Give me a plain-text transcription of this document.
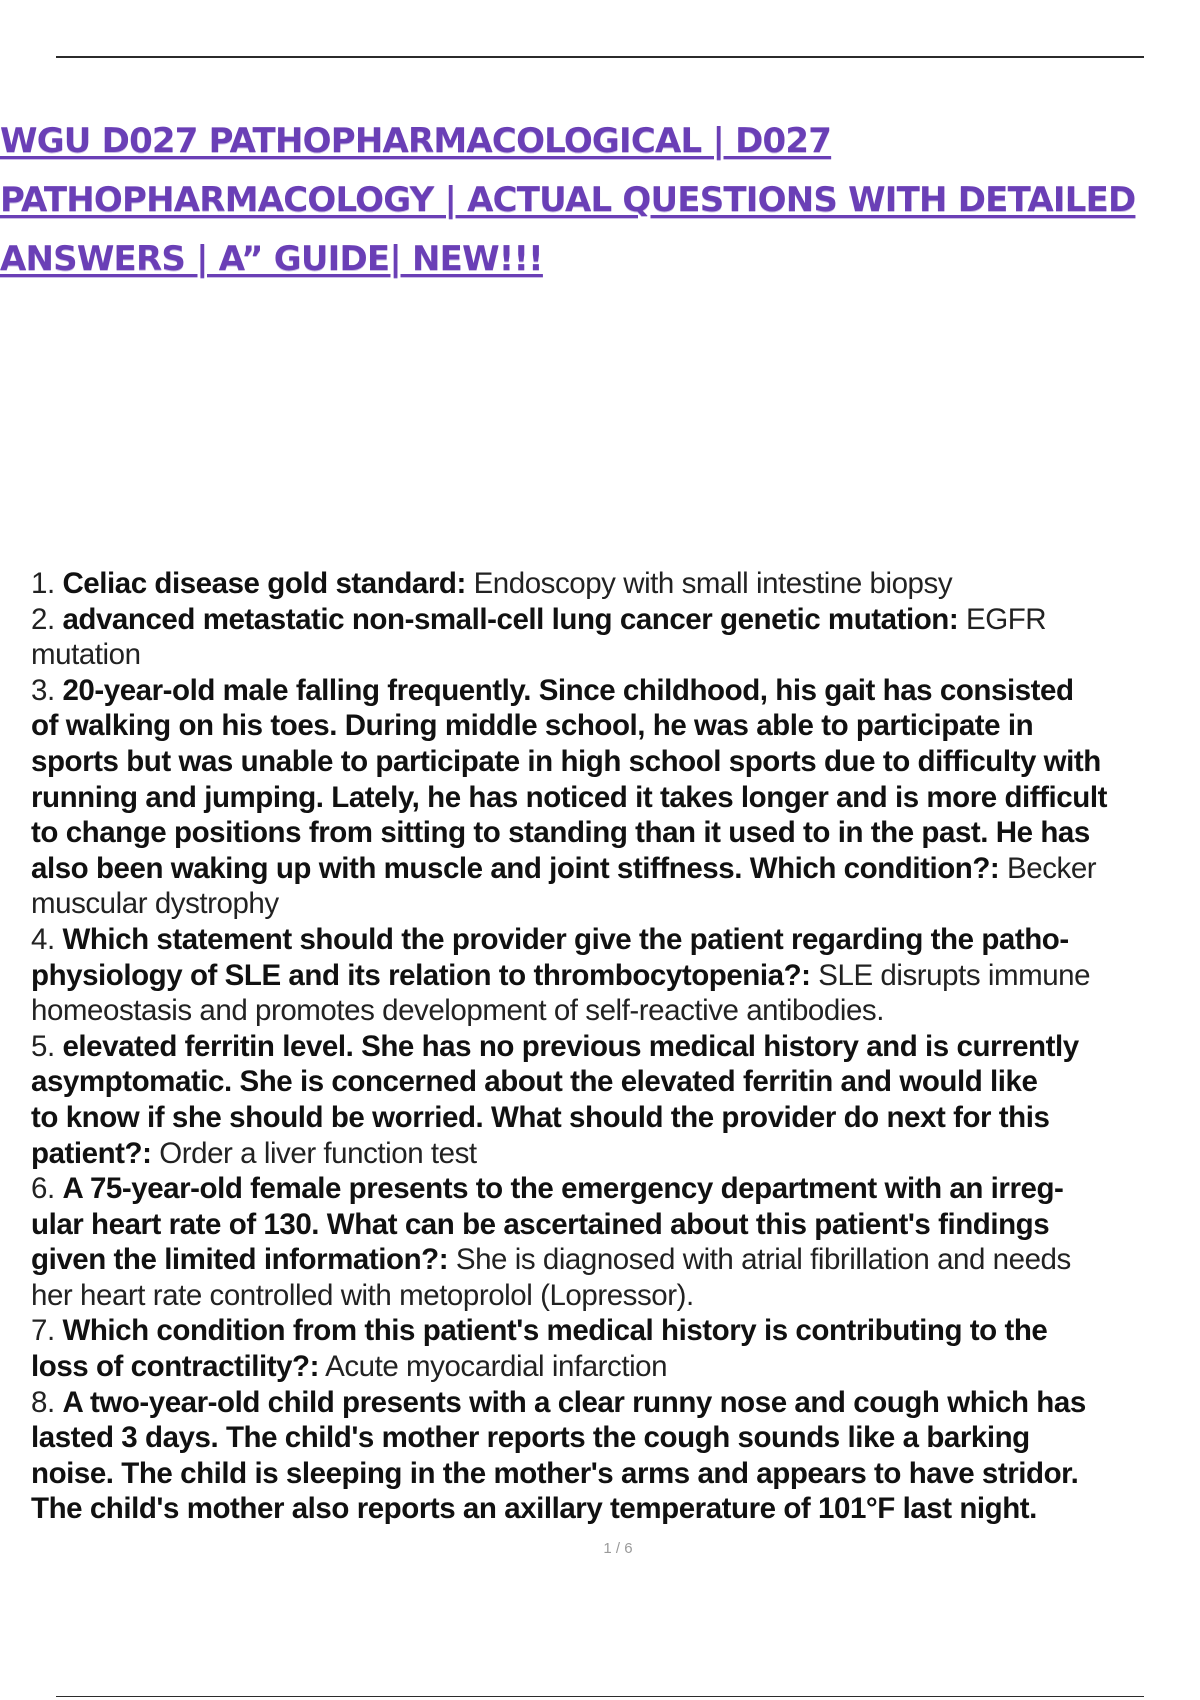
WGU D027 PATHOPHARMACOLOGICAL | D027
PATHOPHARMACOLOGY | ACTUAL QUESTIONS WITH DETAILED
ANSWERS | A” GUIDE| NEW!!!
1. Celiac disease gold standard: Endoscopy with small intestine biopsy
2. advanced metastatic non-small-cell lung cancer genetic mutation: EGFR
mutation
3. 20-year-old male falling frequently. Since childhood, his gait has consisted
of walking on his toes. During middle school, he was able to participate in
sports but was unable to participate in high school sports due to difficulty with
running and jumping. Lately, he has noticed it takes longer and is more difficult
to change positions from sitting to standing than it used to in the past. He has
also been waking up with muscle and joint stiffness. Which condition?: Becker
muscular dystrophy
4. Which statement should the provider give the patient regarding the patho-
physiology of SLE and its relation to thrombocytopenia?: SLE disrupts immune
homeostasis and promotes development of self-reactive antibodies.
5. elevated ferritin level. She has no previous medical history and is currently
asymptomatic. She is concerned about the elevated ferritin and would like
to know if she should be worried. What should the provider do next for this
patient?: Order a liver function test
6. A 75-year-old female presents to the emergency department with an irreg-
ular heart rate of 130. What can be ascertained about this patient's findings
given the limited information?: She is diagnosed with atrial fibrillation and needs
her heart rate controlled with metoprolol (Lopressor).
7. Which condition from this patient's medical history is contributing to the
loss of contractility?: Acute myocardial infarction
8. A two-year-old child presents with a clear runny nose and cough which has
lasted 3 days. The child's mother reports the cough sounds like a barking
noise. The child is sleeping in the mother's arms and appears to have stridor.
The child's mother also reports an axillary temperature of 101°F last night.
1 / 6
